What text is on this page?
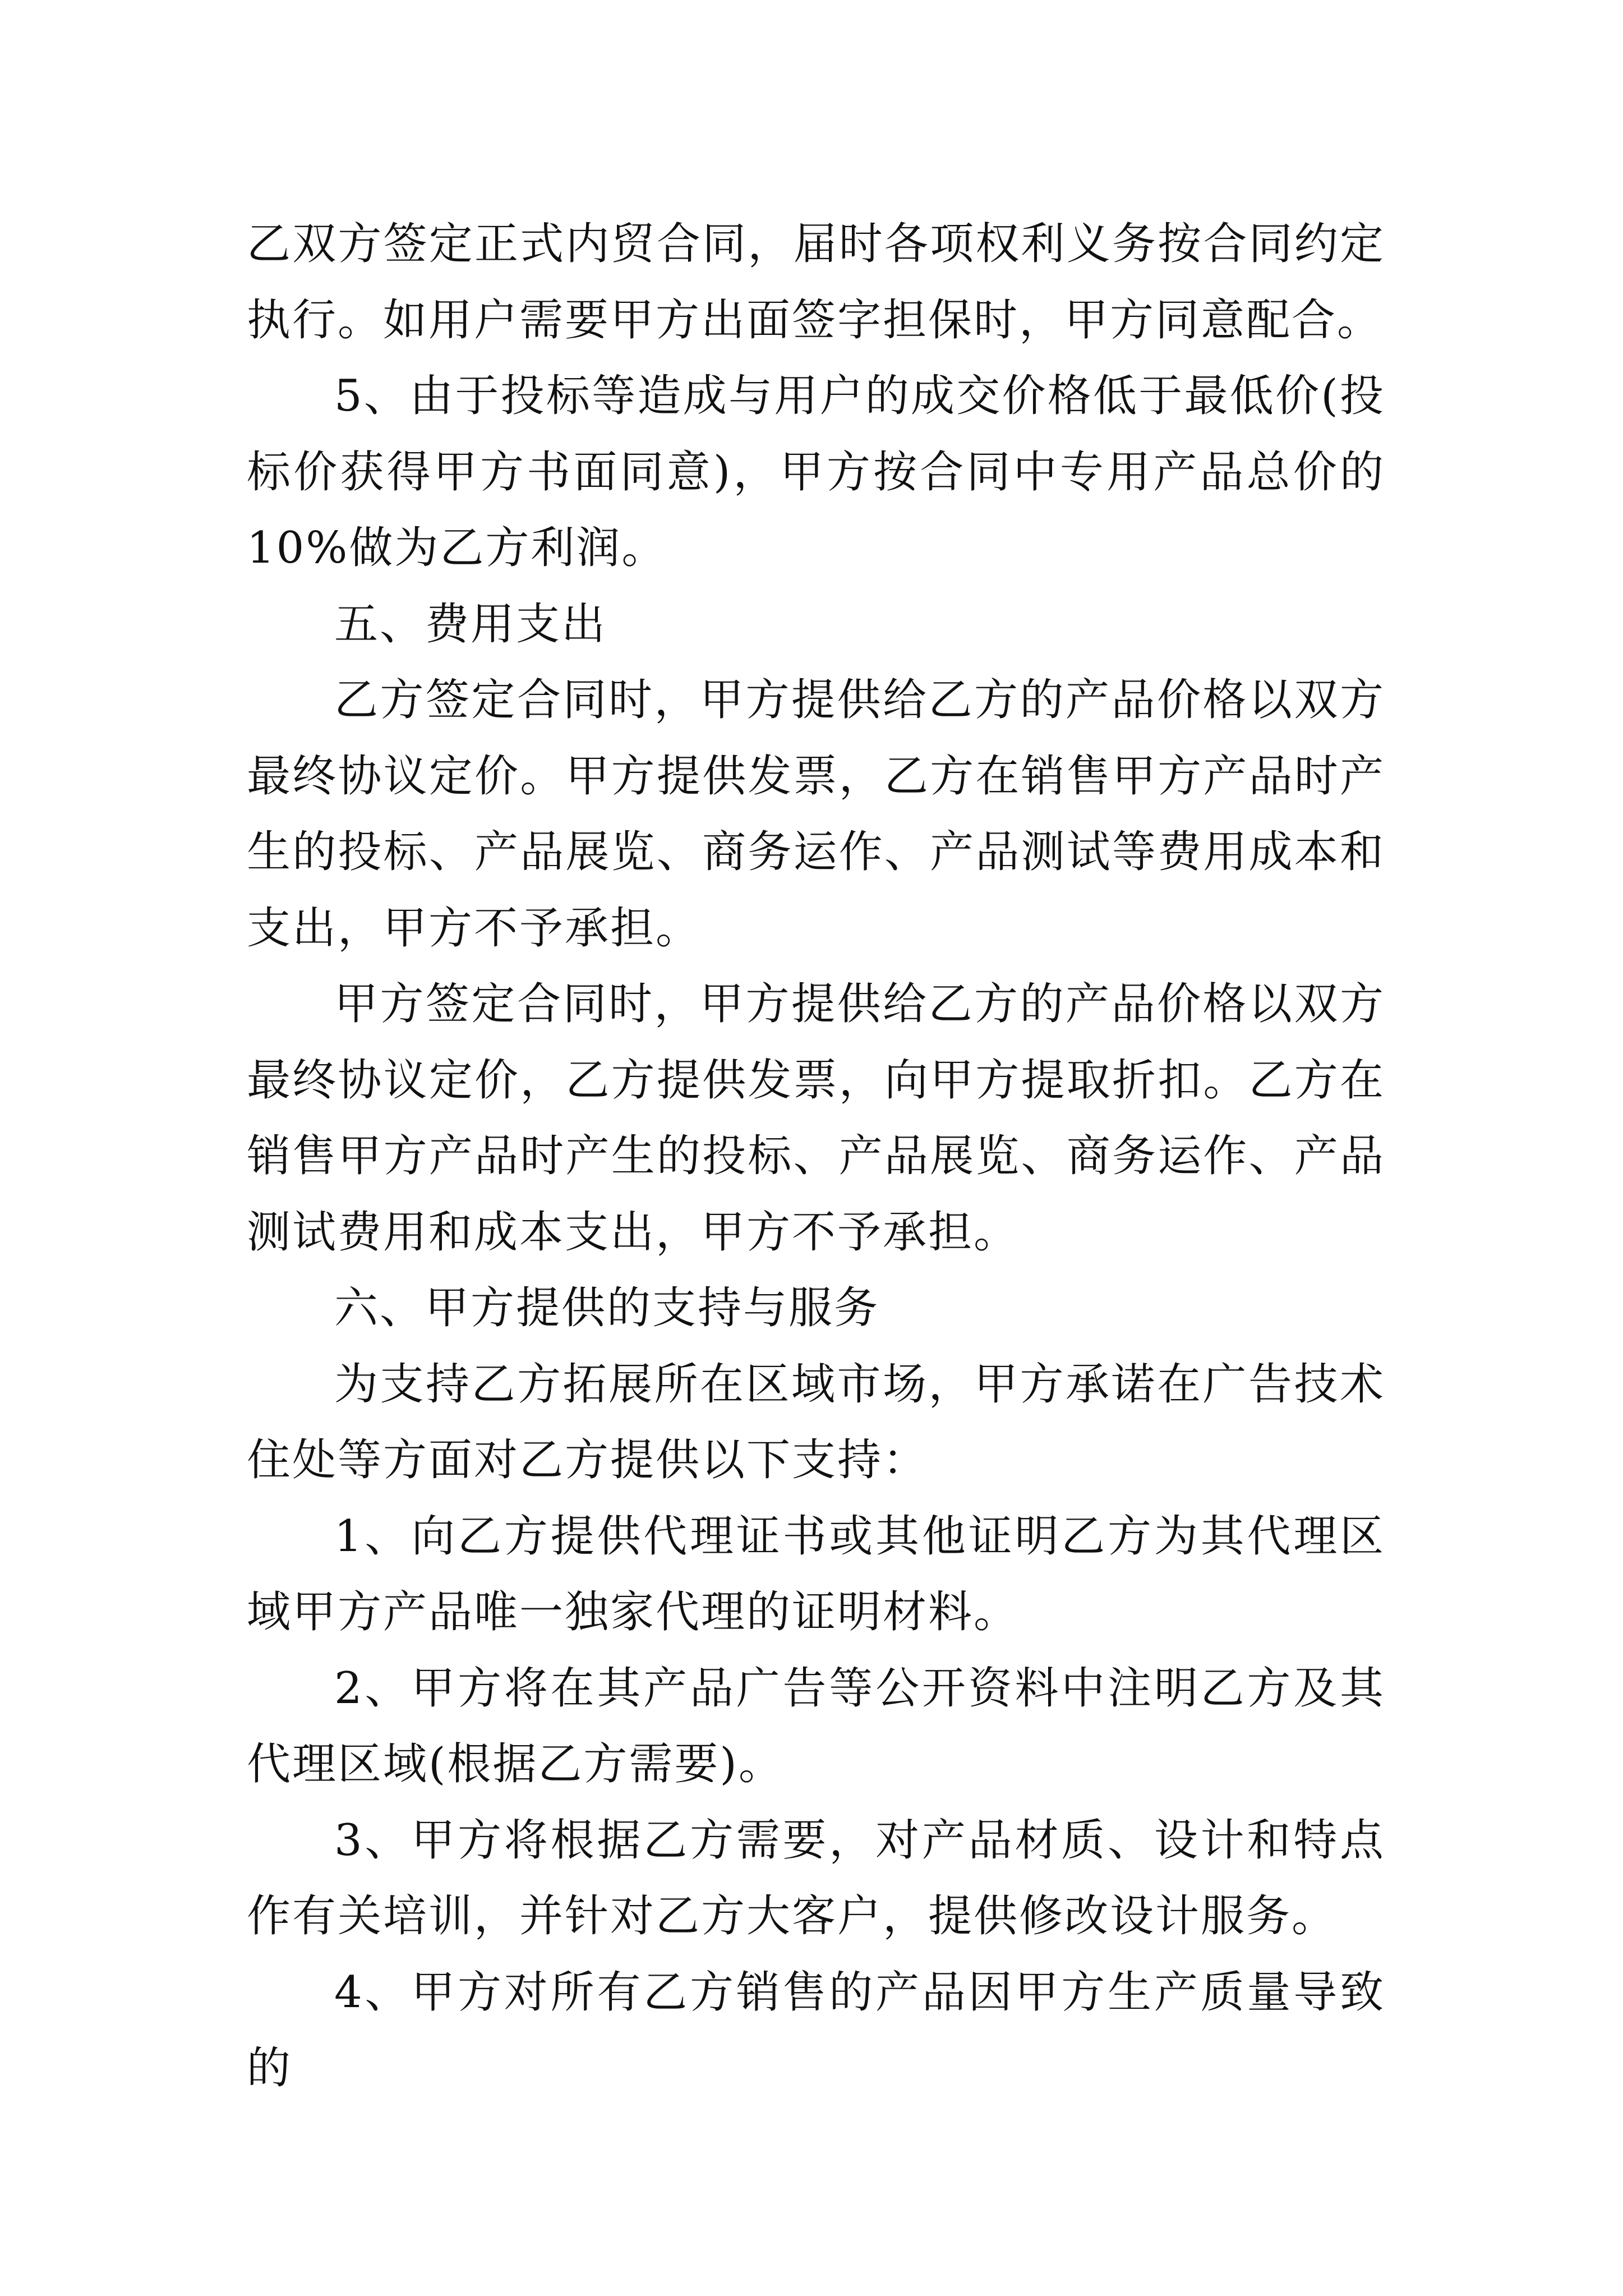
乙双方签定正式内贸合同，届时各项权利义务按合同约定执行。如用户需要甲方出面签字担保时，甲方同意配合。

5、由于投标等造成与用户的成交价格低于最低价(投标价获得甲方书面同意)，甲方按合同中专用产品总价的10%做为乙方利润。

五、费用支出

乙方签定合同时，甲方提供给乙方的产品价格以双方最终协议定价。甲方提供发票，乙方在销售甲方产品时产生的投标、产品展览、商务运作、产品测试等费用成本和支出，甲方不予承担。

甲方签定合同时，甲方提供给乙方的产品价格以双方最终协议定价，乙方提供发票，向甲方提取折扣。乙方在销售甲方产品时产生的投标、产品展览、商务运作、产品测试费用和成本支出，甲方不予承担。

六、甲方提供的支持与服务

为支持乙方拓展所在区域市场，甲方承诺在广告技术住处等方面对乙方提供以下支持：

1、向乙方提供代理证书或其他证明乙方为其代理区域甲方产品唯一独家代理的证明材料。

2、甲方将在其产品广告等公开资料中注明乙方及其代理区域(根据乙方需要)。

3、甲方将根据乙方需要，对产品材质、设计和特点作有关培训，并针对乙方大客户，提供修改设计服务。

4、甲方对所有乙方销售的产品因甲方生产质量导致的
